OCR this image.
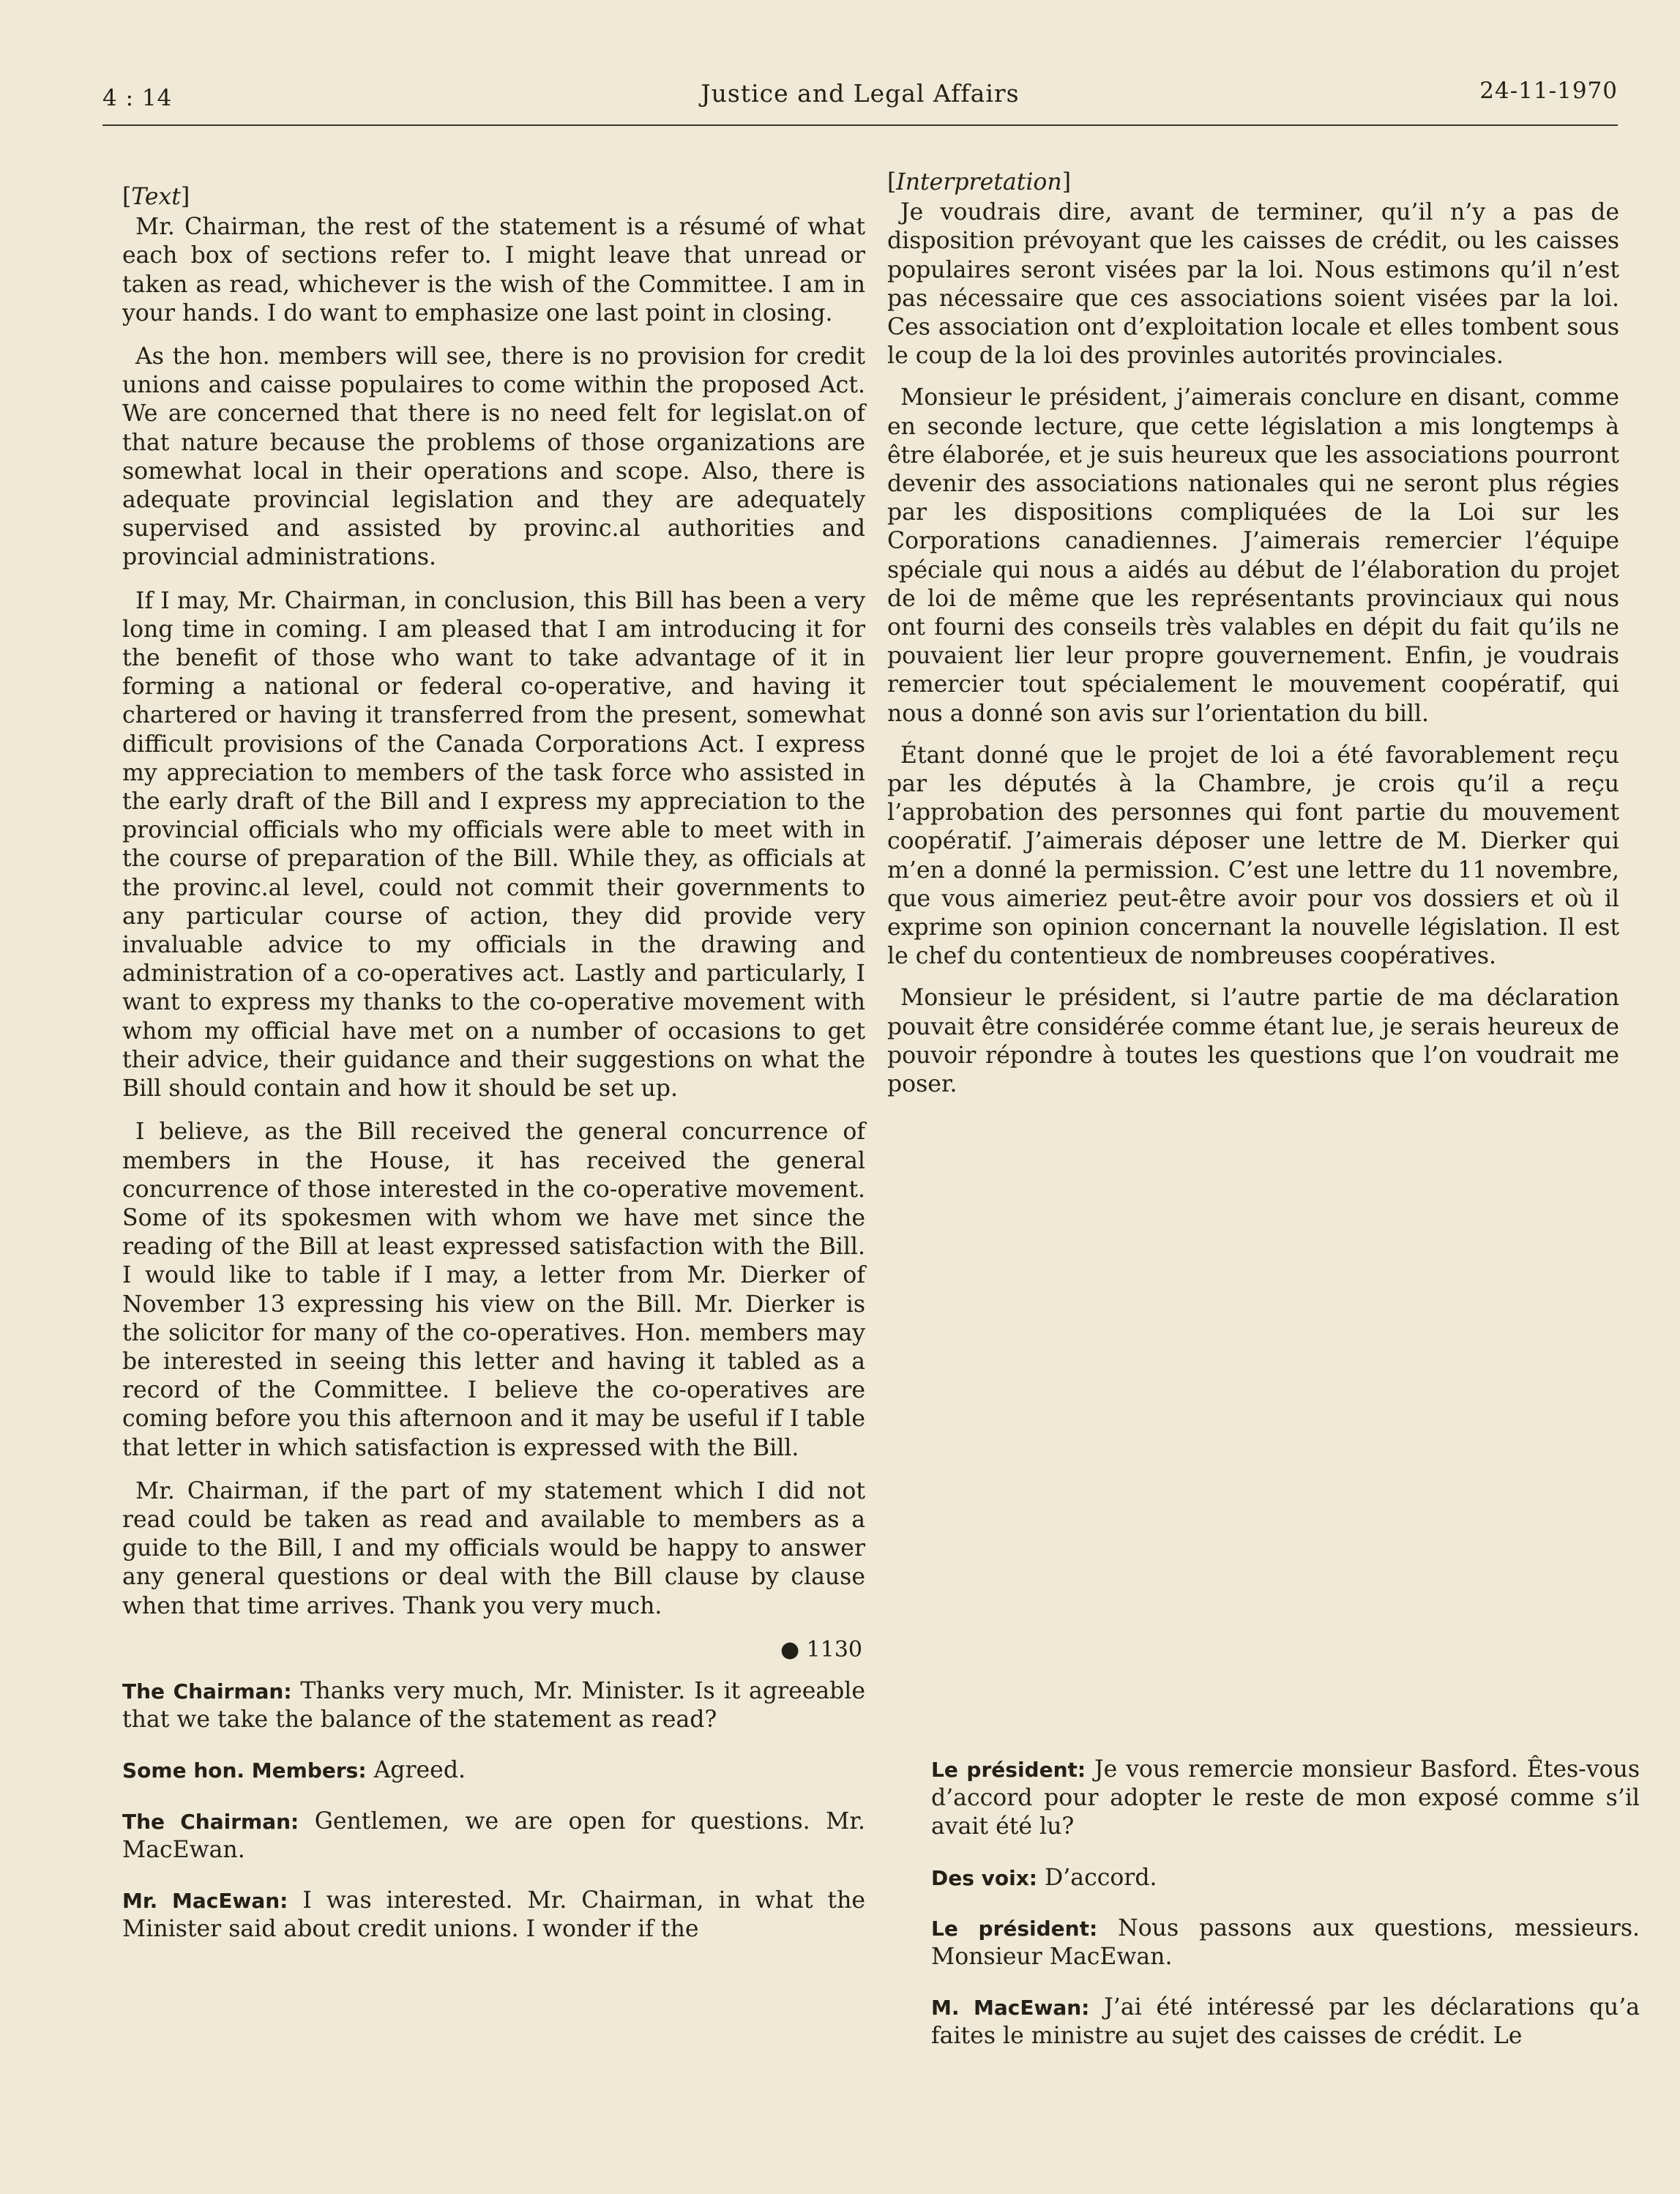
4 : 14	Justice and Legal Affairs	24-11-1970
[Text]

Mr. Chairman, the rest of the statement is a résumé of what each box of sections refer to. I might leave that unread or taken as read, whichever is the wish of the Committee. I am in your hands. I do want to emphasize one last point in closing.

As the hon. members will see, there is no provision for credit unions and caisse populaires to come within the proposed Act. We are concerned that there is no need felt for legislat.on of that nature because the problems of those organizations are somewhat local in their operations and scope. Also, there is adequate provincial legislation and they are adequately supervised and assisted by provinc.al authorities and provincial administrations.

If I may, Mr. Chairman, in conclusion, this Bill has been a very long time in coming. I am pleased that I am introducing it for the benefit of those who want to take advantage of it in forming a national or federal co-operative, and having it chartered or having it transferred from the present, somewhat difficult provisions of the Canada Corporations Act. I express my appreciation to members of the task force who assisted in the early draft of the Bill and I express my appreciation to the provincial officials who my officials were able to meet with in the course of preparation of the Bill. While they, as officials at the provinc.al level, could not commit their governments to any particular course of action, they did provide very invaluable advice to my officials in the drawing and administration of a co-operatives act. Lastly and particularly, I want to express my thanks to the co-operative movement with whom my official have met on a number of occasions to get their advice, their guidance and their suggestions on what the Bill should contain and how it should be set up.

I believe, as the Bill received the general concurrence of members in the House, it has received the general concurrence of those interested in the co-operative movement. Some of its spokesmen with whom we have met since the reading of the Bill at least expressed satisfaction with the Bill. I would like to table if I may, a letter from Mr. Dierker of November 13 expressing his view on the Bill. Mr. Dierker is the solicitor for many of the co-operatives. Hon. members may be interested in seeing this letter and having it tabled as a record of the Committee. I believe the co-operatives are coming before you this afternoon and it may be useful if I table that letter in which satisfaction is expressed with the Bill.

Mr. Chairman, if the part of my statement which I did not read could be taken as read and available to members as a guide to the Bill, I and my officials would be happy to answer any general questions or deal with the Bill clause by clause when that time arrives. Thank you very much.

● 1130

The Chairman: Thanks very much, Mr. Minister. Is it agreeable that we take the balance of the statement as read?

Some hon. Members: Agreed.

The Chairman: Gentlemen, we are open for questions. Mr. MacEwan.

Mr. MacEwan: I was interested. Mr. Chairman, in what the Minister said about credit unions. I wonder if the

[Interpretation]

Je voudrais dire, avant de terminer, qu’il n’y a pas de disposition prévoyant que les caisses de crédit, ou les caisses populaires seront visées par la loi. Nous estimons qu’il n’est pas nécessaire que ces associations soient visées par la loi. Ces association ont d’exploitation locale et elles tombent sous le coup de la loi des provinles autorités provinciales.

Monsieur le président, j’aimerais conclure en disant, comme en seconde lecture, que cette législation a mis longtemps à être élaborée, et je suis heureux que les associations pourront devenir des associations nationales qui ne seront plus régies par les dispositions compliquées de la Loi sur les Corporations canadiennes. J’aimerais remercier l’équipe spéciale qui nous a aidés au début de l’élaboration du projet de loi de même que les représentants provinciaux qui nous ont fourni des conseils très valables en dépit du fait qu’ils ne pouvaient lier leur propre gouvernement. Enfin, je voudrais remercier tout spécialement le mouvement coopératif, qui nous a donné son avis sur l’orientation du bill.

Étant donné que le projet de loi a été favorablement reçu par les députés à la Chambre, je crois qu’il a reçu l’approbation des personnes qui font partie du mouvement coopératif. J’aimerais déposer une lettre de M. Dierker qui m’en a donné la permission. C’est une lettre du 11 novembre, que vous aimeriez peut-être avoir pour vos dossiers et où il exprime son opinion concernant la nouvelle législation. Il est le chef du contentieux de nombreuses coopératives.

Monsieur le président, si l’autre partie de ma déclaration pouvait être considérée comme étant lue, je serais heureux de pouvoir répondre à toutes les questions que l’on voudrait me poser.

Le président: Je vous remercie monsieur Basford. Êtes-vous d’accord pour adopter le reste de mon exposé comme s’il avait été lu?

Des voix: D’accord.

Le président: Nous passons aux questions, messieurs. Monsieur MacEwan.

M. MacEwan: J’ai été intéressé par les déclarations qu’a faites le ministre au sujet des caisses de crédit. Le
